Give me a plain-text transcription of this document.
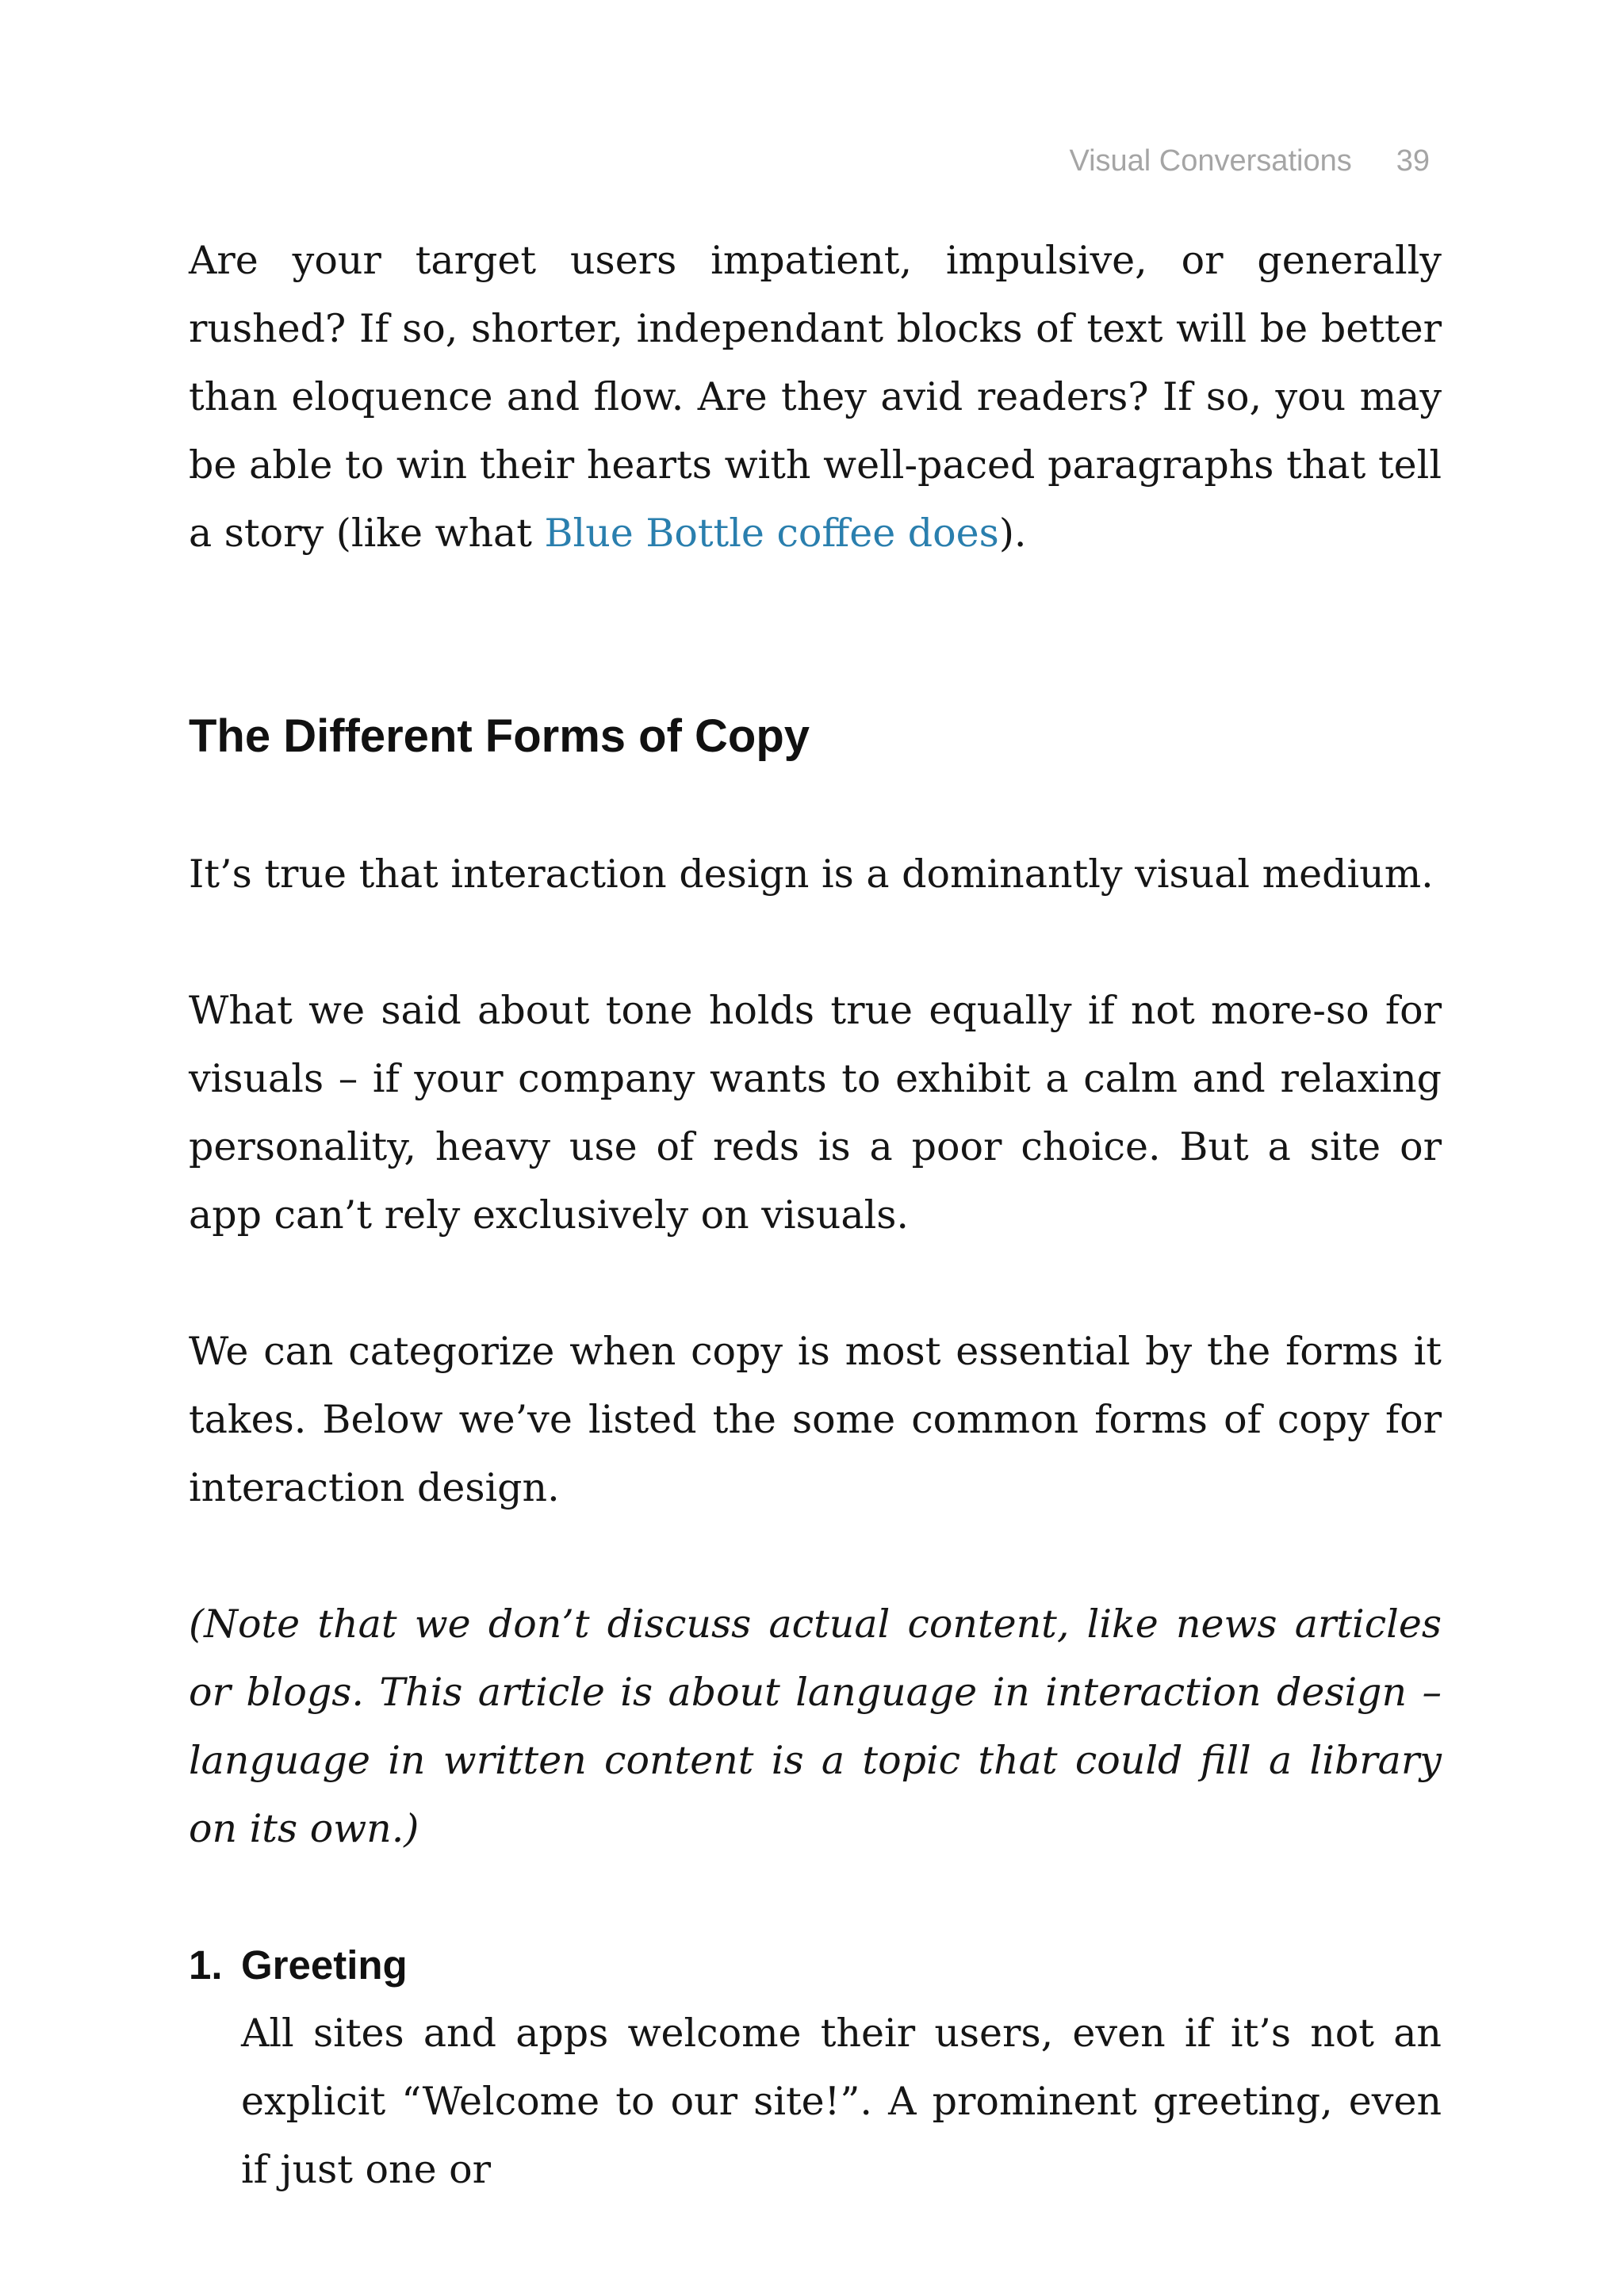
Visual Conversations 39

Are your target users impatient, impulsive, or generally rushed? If so, shorter, independant blocks of text will be better than eloquence and flow. Are they avid readers? If so, you may be able to win their hearts with well-paced paragraphs that tell a story (like what Blue Bottle coffee does).

The Different Forms of Copy

It’s true that interaction design is a dominantly visual medium.

What we said about tone holds true equally if not more-so for visuals – if your company wants to exhibit a calm and relaxing personality, heavy use of reds is a poor choice. But a site or app can’t rely exclusively on visuals.

We can categorize when copy is most essential by the forms it takes. Below we’ve listed the some common forms of copy for interaction design.

(Note that we don’t discuss actual content, like news articles or blogs. This article is about language in interaction design – language in written content is a topic that could fill a library on its own.)

1. Greeting
All sites and apps welcome their users, even if it’s not an explicit “Welcome to our site!”. A prominent greeting, even if just one or
